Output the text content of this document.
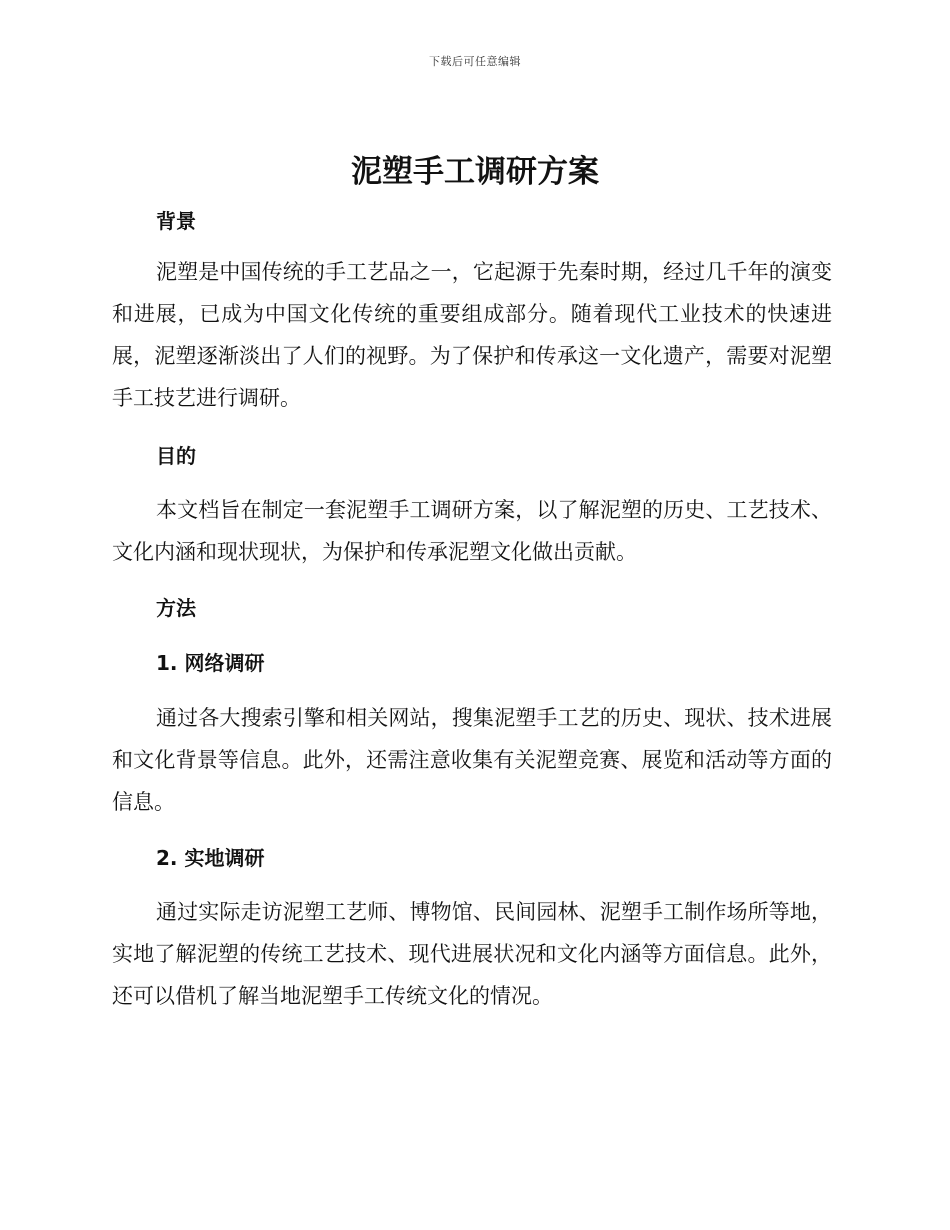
下载后可任意编辑
泥塑手工调研方案
背景

泥塑是中国传统的手工艺品之一，它起源于先秦时期，经过几千年的演变和进展，已成为中国文化传统的重要组成部分。随着现代工业技术的快速进展，泥塑逐渐淡出了人们的视野。为了保护和传承这一文化遗产，需要对泥塑手工技艺进行调研。

目的

本文档旨在制定一套泥塑手工调研方案，以了解泥塑的历史、工艺技术、文化内涵和现状现状，为保护和传承泥塑文化做出贡献。

方法
1. 网络调研

通过各大搜索引擎和相关网站，搜集泥塑手工艺的历史、现状、技术进展和文化背景等信息。此外，还需注意收集有关泥塑竞赛、展览和活动等方面的信息。

2. 实地调研

通过实际走访泥塑工艺师、博物馆、民间园林、泥塑手工制作场所等地，实地了解泥塑的传统工艺技术、现代进展状况和文化内涵等方面信息。此外，还可以借机了解当地泥塑手工传统文化的情况。
